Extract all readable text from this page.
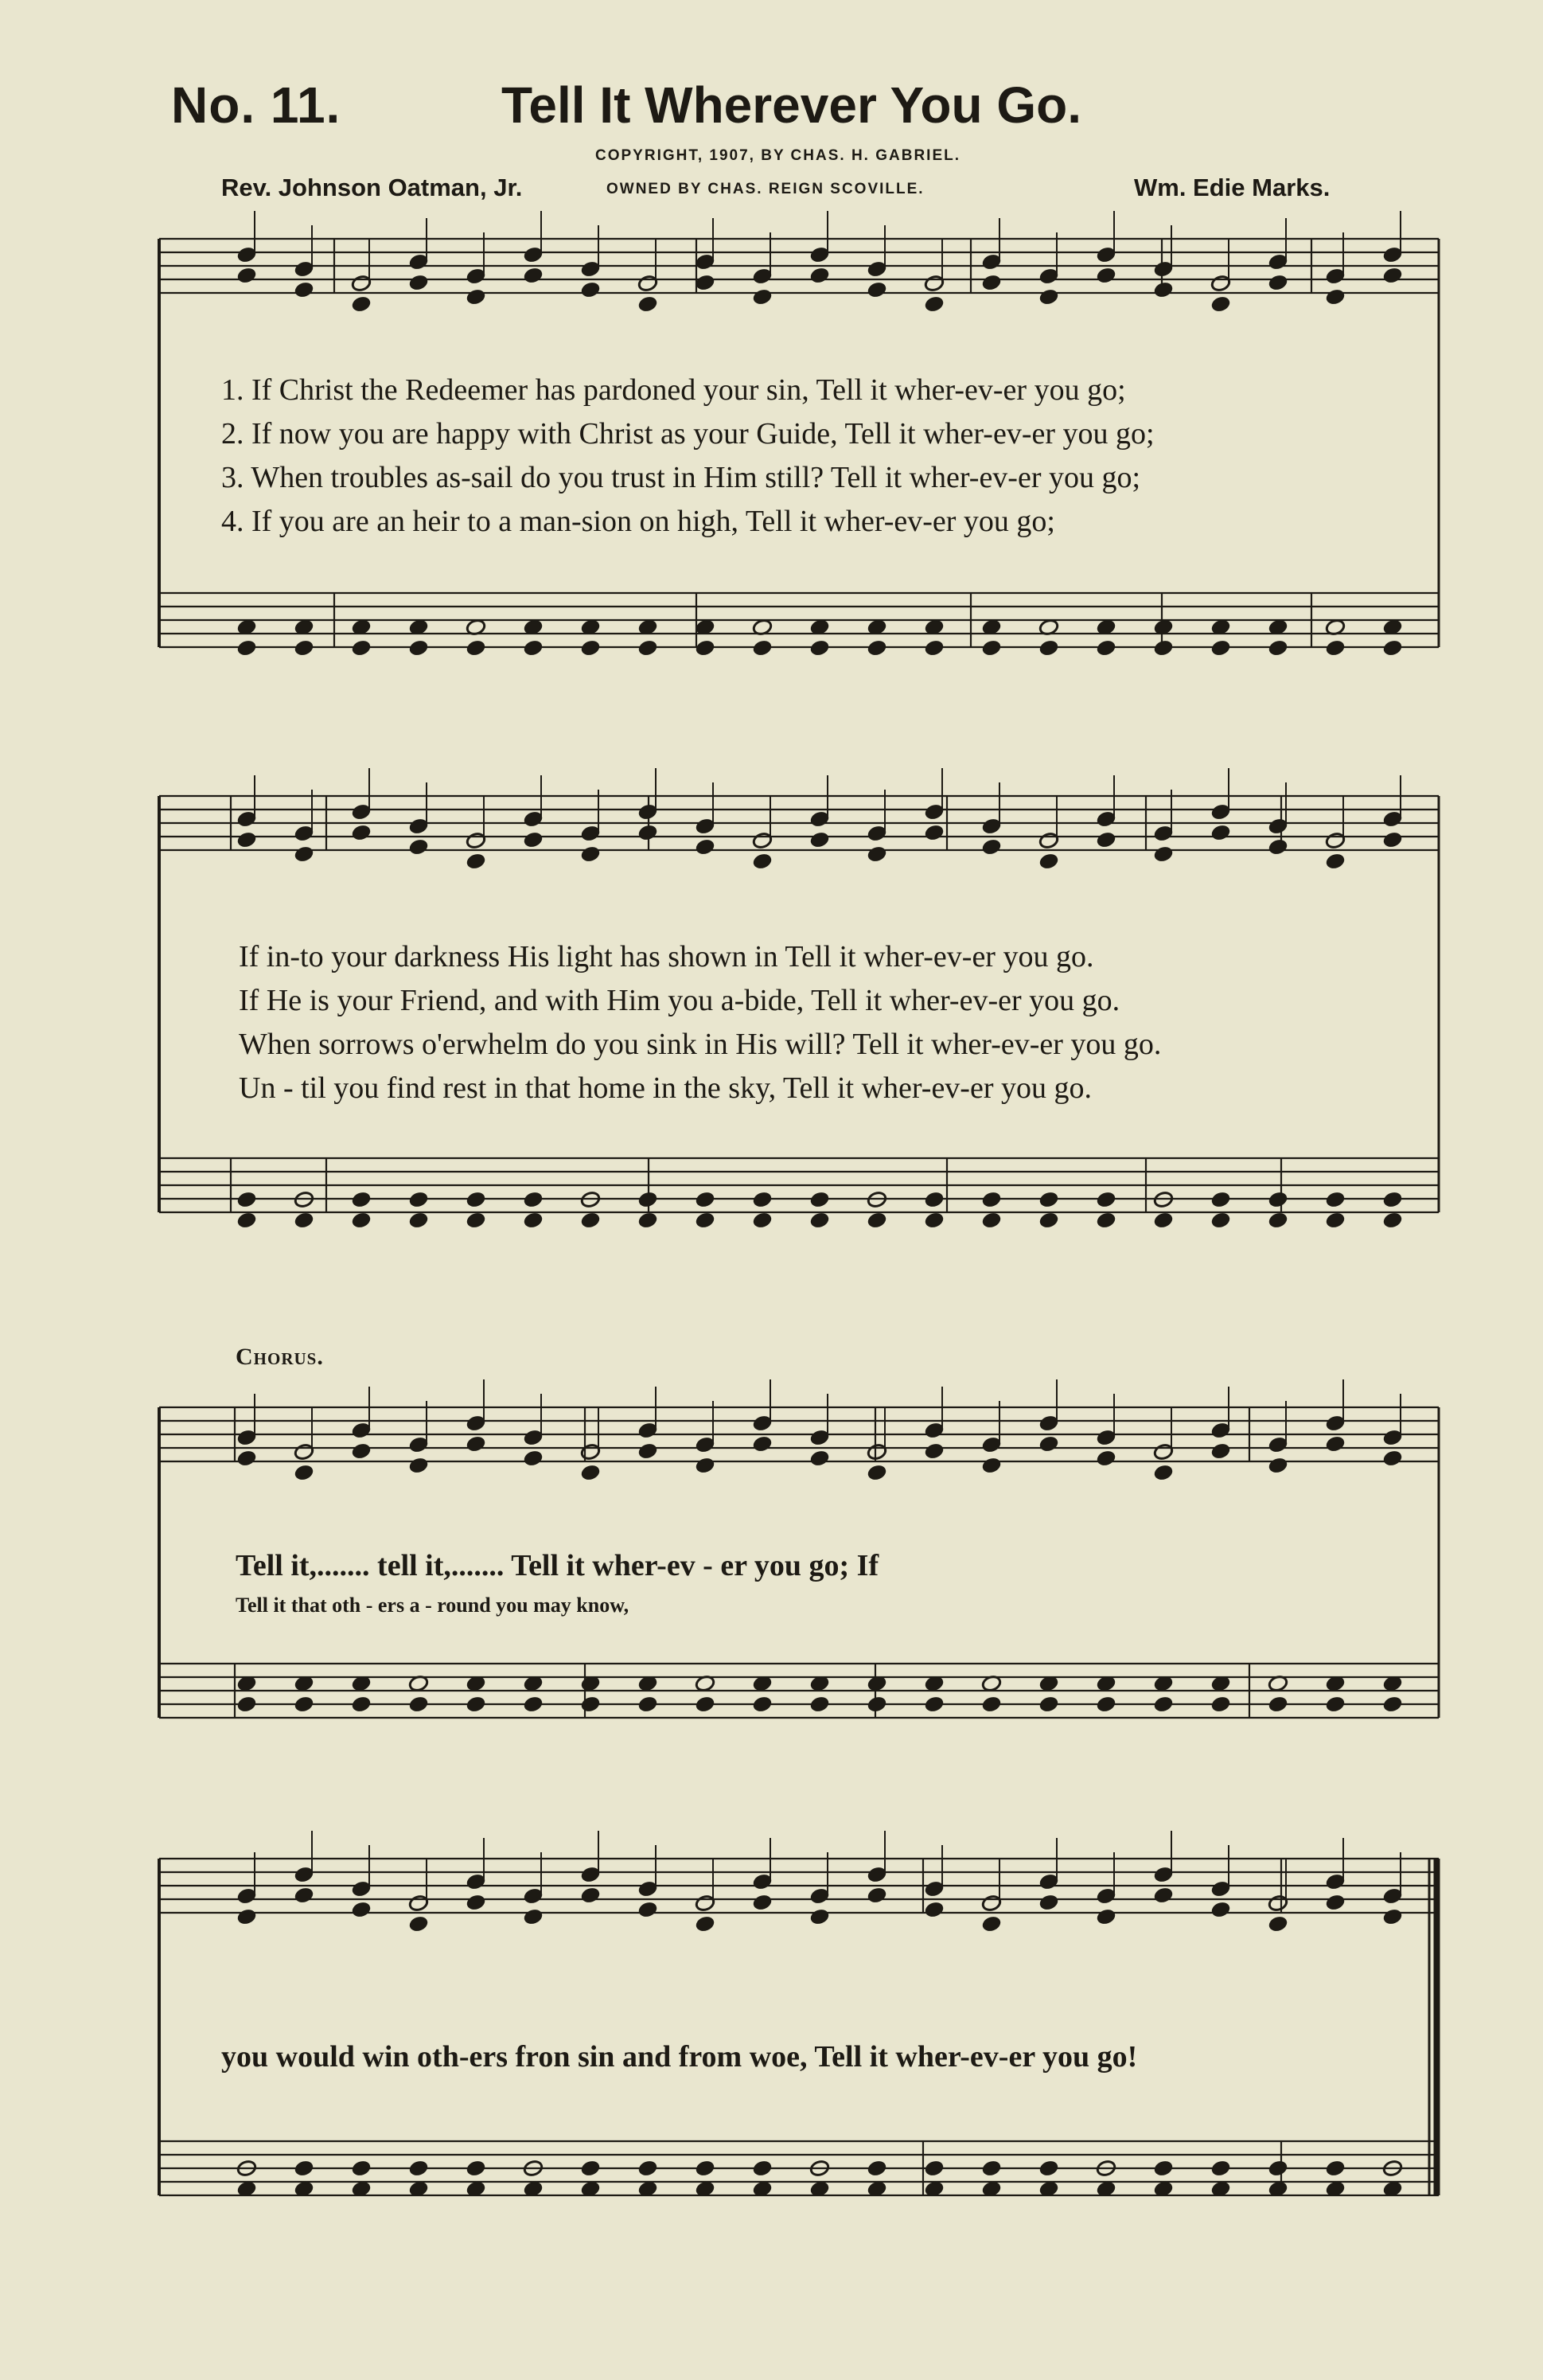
No. 11.	Tell It Wherever You Go.
COPYRIGHT, 1907, BY CHAS. H. GABRIEL.
OWNED BY CHAS. REIGN SCOVILLE.
Rev. Johnson Oatman, Jr.	Wm. Edie Marks.
1. If Christ the Redeemer has pardoned your sin, Tell it wher-ev-er you go;
2. If now you are happy with Christ as your Guide, Tell it wher-ev-er you go;
3. When troubles as-sail do you trust in Him still? Tell it wher-ev-er you go;
4. If you are an heir to a man-sion on high, Tell it wher-ev-er you go;
If in-to your darkness His light has shown in Tell it wher-ev-er you go.
If He is your Friend, and with Him you a-bide, Tell it wher-ev-er you go.
When sorrows o'erwhelm do you sink in His will? Tell it wher-ev-er you go.
Un - til you find rest in that home in the sky, Tell it wher-ev-er you go.
Chorus.
Tell it,....... tell it,....... Tell it wher-ev - er you go; If
Tell it that oth - ers a - round you may know,
you would win oth-ers fron sin and from woe, Tell it wher-ev-er you go!
